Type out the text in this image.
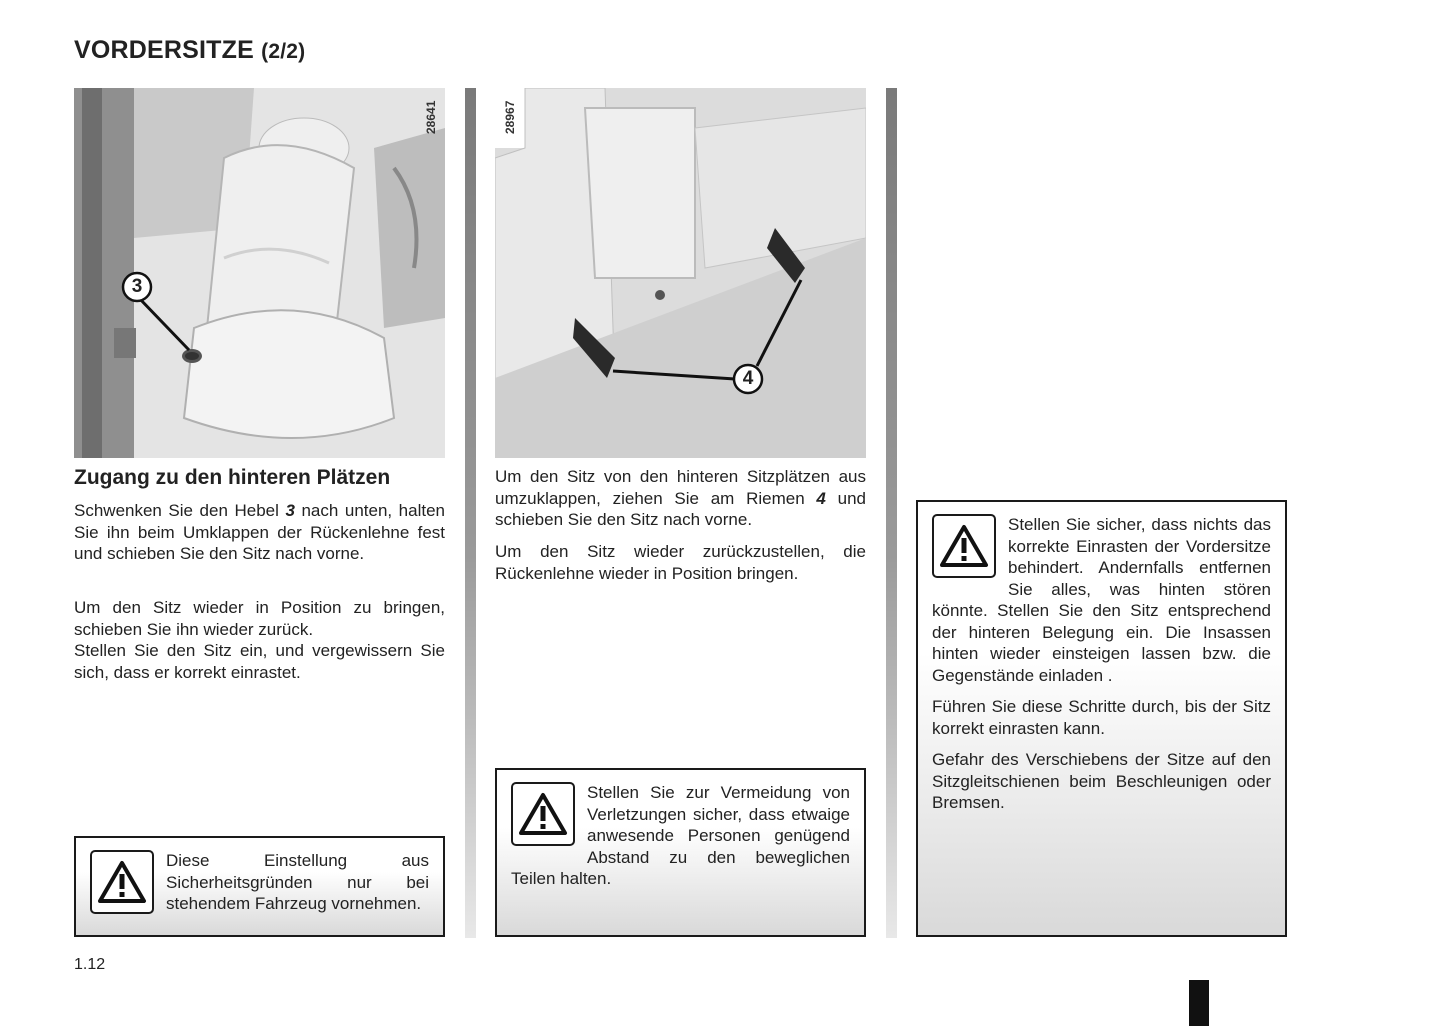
VORDERSITZE (2/2)
3
28641
4
28967
Zugang zu den hinteren Plätzen

Schwenken Sie den Hebel 3 nach unten, halten Sie ihn beim Umklappen der Rückenlehne fest und schieben Sie den Sitz nach vorne.

Um den Sitz wieder in Position zu bringen, schieben Sie ihn wieder zurück.
Stellen Sie den Sitz ein, und vergewissern Sie sich, dass er korrekt einrastet.

Diese Einstellung aus Sicherheitsgründen nur bei stehendem Fahrzeug vornehmen.

Um den Sitz von den hinteren Sitzplätzen aus umzuklappen, ziehen Sie am Riemen 4 und schieben Sie den Sitz nach vorne.

Um den Sitz wieder zurückzustellen, die Rückenlehne wieder in Position bringen.

Stellen Sie zur Vermeidung von Verletzungen sicher, dass etwaige anwesende Personen genügend Abstand zu den beweglichen Teilen halten.

Stellen Sie sicher, dass nichts das korrekte Einrasten der Vordersitze behindert. Andernfalls entfernen Sie alles, was hinten stören könnte. Stellen Sie den Sitz entsprechend der hinteren Belegung ein. Die Insassen hinten wieder einsteigen lassen bzw. die Gegenstände einladen .

Führen Sie diese Schritte durch, bis der Sitz korrekt einrasten kann.

Gefahr des Verschiebens der Sitze auf den Sitzgleitschienen beim Beschleunigen oder Bremsen.

1.12
